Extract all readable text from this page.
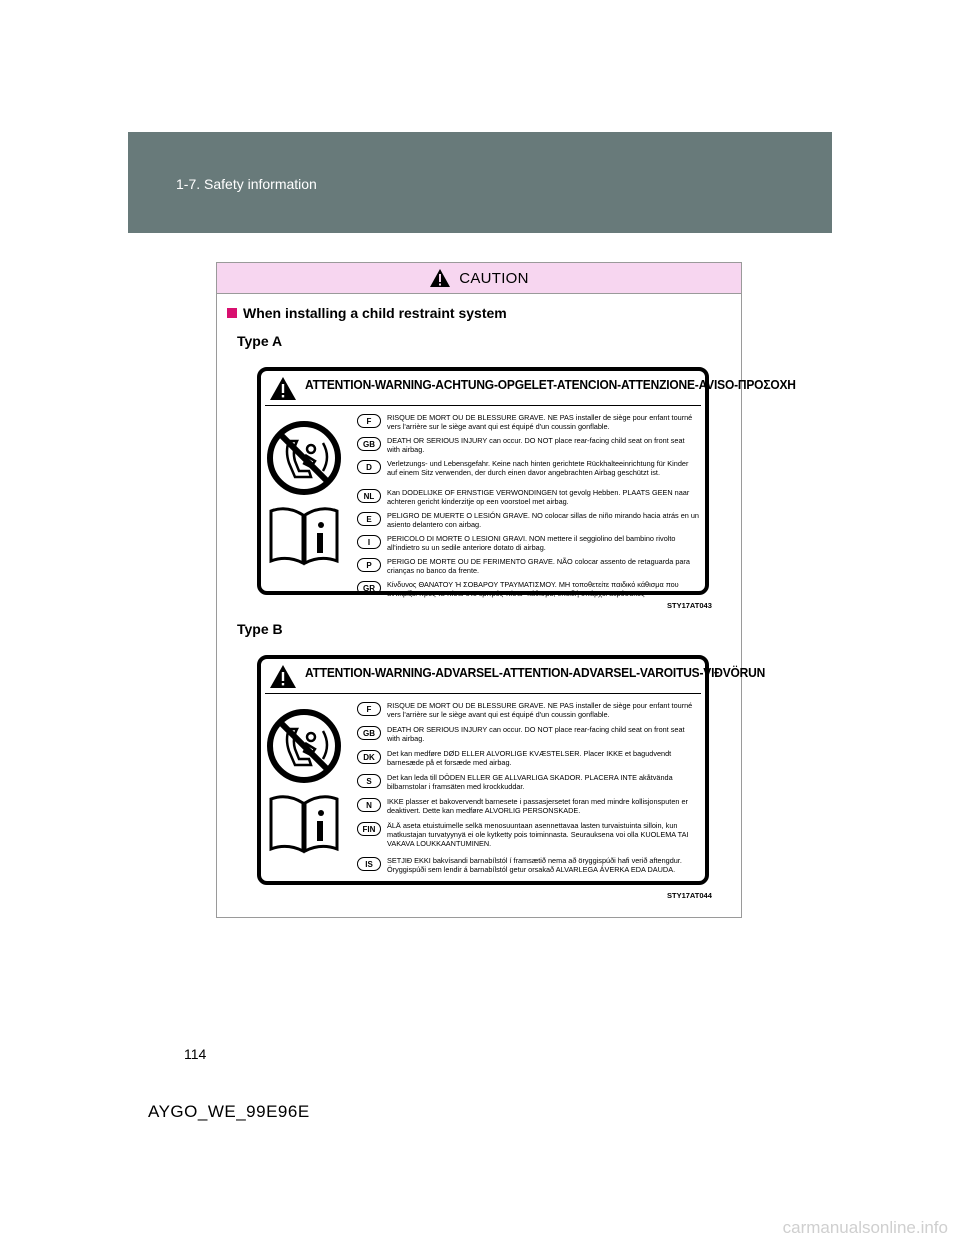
1-7. Safety information
CAUTION
When installing a child restraint system
Type A
ATTENTION-WARNING-ACHTUNG-OPGELET-ATENCION-ATTENZIONE-AVISO-ΠΡΟΣΟΧΗ
F	RISQUE DE MORT OU DE BLESSURE GRAVE. NE PAS installer de siège pour enfant tourné vers l'arrière sur le siège avant qui est équipé d'un coussin gonflable.
GB	DEATH OR SERIOUS INJURY can occur. DO NOT place rear-facing child seat on front seat with airbag.
D	Verletzungs- und Lebensgefahr. Keine nach hinten gerichtete Rückhalteeinrichtung für Kinder auf einem Sitz verwenden, der durch einen davor angebrachten Airbag geschützt ist.
NL	Kan DODELIJKE OF ERNSTIGE VERWONDINGEN tot gevolg Hebben. PLAATS GEEN naar achteren gericht kinderzitje op een voorstoel met airbag.
E	PELIGRO DE MUERTE O LESIÓN GRAVE. NO colocar sillas de niño mirando hacia atrás en un asiento delantero con airbag.
I	PERICOLO DI MORTE O LESIONI GRAVI. NON mettere il seggiolino del bambino rivolto all'indietro su un sedile anteriore dotato di airbag.
P	PERIGO DE MORTE OU DE FERIMENTO GRAVE. NÃO colocar assento de retaguarda para crianças no banco da frente.
GR	Κίνδυνος ΘΑΝΑΤΟΥ Ή ΣΟΒΑΡΟΥ ΤΡΑΥΜΑΤΙΣΜΟΥ. ΜΗ τοποθετείτε παιδικό κάθισμα που αντικρίζει προς τα πίσω στο εμπρός"πίσω" κάθισμα, επειδή υπάρχει αερόσακος
STY17AT043
Type B
ATTENTION-WARNING-ADVARSEL-ATTENTION-ADVARSEL-VAROITUS-VIÐVÖRUN
F	RISQUE DE MORT OU DE BLESSURE GRAVE. NE PAS installer de siège pour enfant tourné vers l'arrière sur le siège avant qui est équipé d'un coussin gonflable.
GB	DEATH OR SERIOUS INJURY can occur. DO NOT place rear-facing child seat on front seat with airbag.
DK	Det kan medføre DØD ELLER ALVORLIGE KVÆSTELSER. Placer IKKE et bagudvendt barnesæde på et forsæde med airbag.
S	Det kan leda till DÖDEN ELLER GE ALLVARLIGA SKADOR. PLACERA INTE akåtvända bilbarnstolar i framsäten med krockkuddar.
N	IKKE plasser et bakovervendt barnesete i passasjersetet foran med mindre kollisjonsputen er deaktivert. Dette kan medføre ALVORLIG PERSONSKADE.
FIN	ÄLÄ aseta etuistuimelle selkä menosuuntaan asennettavaa lasten turvaistuinta silloin, kun matkustajan turvatyynyä ei ole kytketty pois toiminnasta. Seurauksena voi olla KUOLEMA TAI VAKAVA LOUKKAANTUMINEN.
IS	SETJIÐ EKKI bakvísandi barnabílstól í framsætið nema að öryggispúði hafi verið aftengdur. Öryggispúði sem lendir á barnabílstól getur orsakað ALVARLEGA ÁVERKA EDA DAUDA.
STY17AT044
114
AYGO_WE_99E96E
carmanualsonline.info
